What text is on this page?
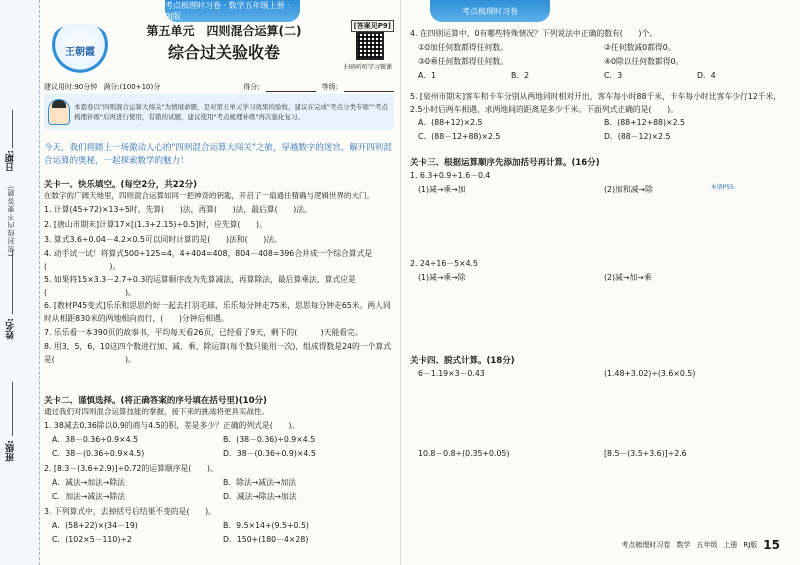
日期:
(密封线内不要答题)
姓名:
班级:
考点梳理时习卷 · 数学五年级上册 · RJ版
考点梳理时习卷
王朝霞
第五单元　四则混合运算(二)
综合过关验收卷
[答案见P9]
扫码听听学习微课
建议用时:90分钟 满分:(100+10)分	得分:	等级:
本套卷以"四则混合运算大闯关"为情境命题，是对第五单元学习效果的验收，建议在完成"考点分类专练""考点梳理补练"后再进行使用，有错的试题，建议使用"考点梳理补练"再次强化复习。
今天，我们将踏上一场激动人心的"四则混合运算大闯关"之旅，穿越数字的迷宫，解开四则混合运算的奥秘，一起探索数学的魅力！
关卡一、快乐填空。(每空2分，共22分)
在数字的广阔天地里，四则混合运算如同一把神奇的钥匙，开启了一扇通往精确与逻辑世界的大门。
1. 计算(45+72)×13÷5时，先算(　　)法，再算(　　)法，最后算(　　)法。
2. [唐山市期末]计算17×[(1.3+2.15)÷0.5]时，应先算(　　)。
3. 算式3.6÷0.04－4.2×0.5可以同时计算的是(　　)法和(　　)法。
4. 动手试一试！将算式500÷125=4，4+404=408，804－408=396合并成一个综合算式是(　　　　　　　　)。
5. 如果将15×3.3－2.7÷0.3的运算顺序改为先算减法，再算除法，最后算乘法，算式应是(　　　　　　　　　　)。
6. [教材P45变式]乐乐和思思约好一起去打羽毛球，乐乐每分钟走75米，思思每分钟走65米。两人同时从相距830米的两地相向而行，(　　)分钟后相遇。
7. 乐乐看一本390页的故事书，平均每天看26页，已经看了9天，剩下的(　　　)天能看完。
8. 用3，5，6，10这四个数进行加、减、乘、除运算(每个数只能用一次)，组成得数是24的一个算式是(　　　　　　　　　)。
关卡二、谨慎选择。(将正确答案的序号填在括号里)(10分)
通过我们对四则混合运算技能的掌握，接下来的挑战将更具实战性。
1. 38减去0.36除以0.9的商与4.5的积，差是多少？正确的列式是(　　)。
A．38－0.36÷0.9×4.5	B．(38－0.36)÷0.9×4.5
C．38－(0.36÷0.9×4.5)	D．38－(0.36÷0.9)×4.5
2. [8.3－(3.6+2.9)]÷0.72的运算顺序是(　　)。
A．减法→加法→除法	B．除法→减法→加法
C．加法→减法→除法	D．减法→除法→加法
3. 下列算式中，去掉括号后结果不变的是(　　)。
A．(58+22)×(34－19)	B．9.5×14+(9.5+0.5)
C．(102×5－110)÷2	D．150+(180－4×28)
4. 在四则运算中，0有哪些特殊情况？下列说法中正确的数有(　　)个。
①0加任何数都得任何数。	②任何数减0都得0。
③0乘任何数都得任何数。	④0除以任何数都得0。
A．1	B．2	C．3	D．4
5. [泉州市期末]客车和卡车分别从两地同时相对开出，客车每小时88千米，卡车每小时比客车少行12千米，2.5小时后两车相遇，求两地间的距离是多少千米。下面列式正确的是(　　)。
A．(88+12)×2.5	B．(88+12+88)×2.5
C．(88－12+88)×2.5	D．(88－12)×2.5
关卡三、根据运算顺序先添加括号再计算。(16分)
1. 6.3+0.9÷1.6－0.4
(1)减→乘→加	(2)加和减→除
2. 24÷16－5×4.5
(1)减→乘→除	(2)减→加→乘
本册P55
关卡四、脱式计算。(18分)
6－1.19×3－0.43	(1.48+3.02)÷(3.6×0.5)
10.8－0.8÷(0.35+0.05)	[8.5－(3.5+3.6)]÷2.6
考点梳理时习卷 数学 五年级 上册 RJ版 15
